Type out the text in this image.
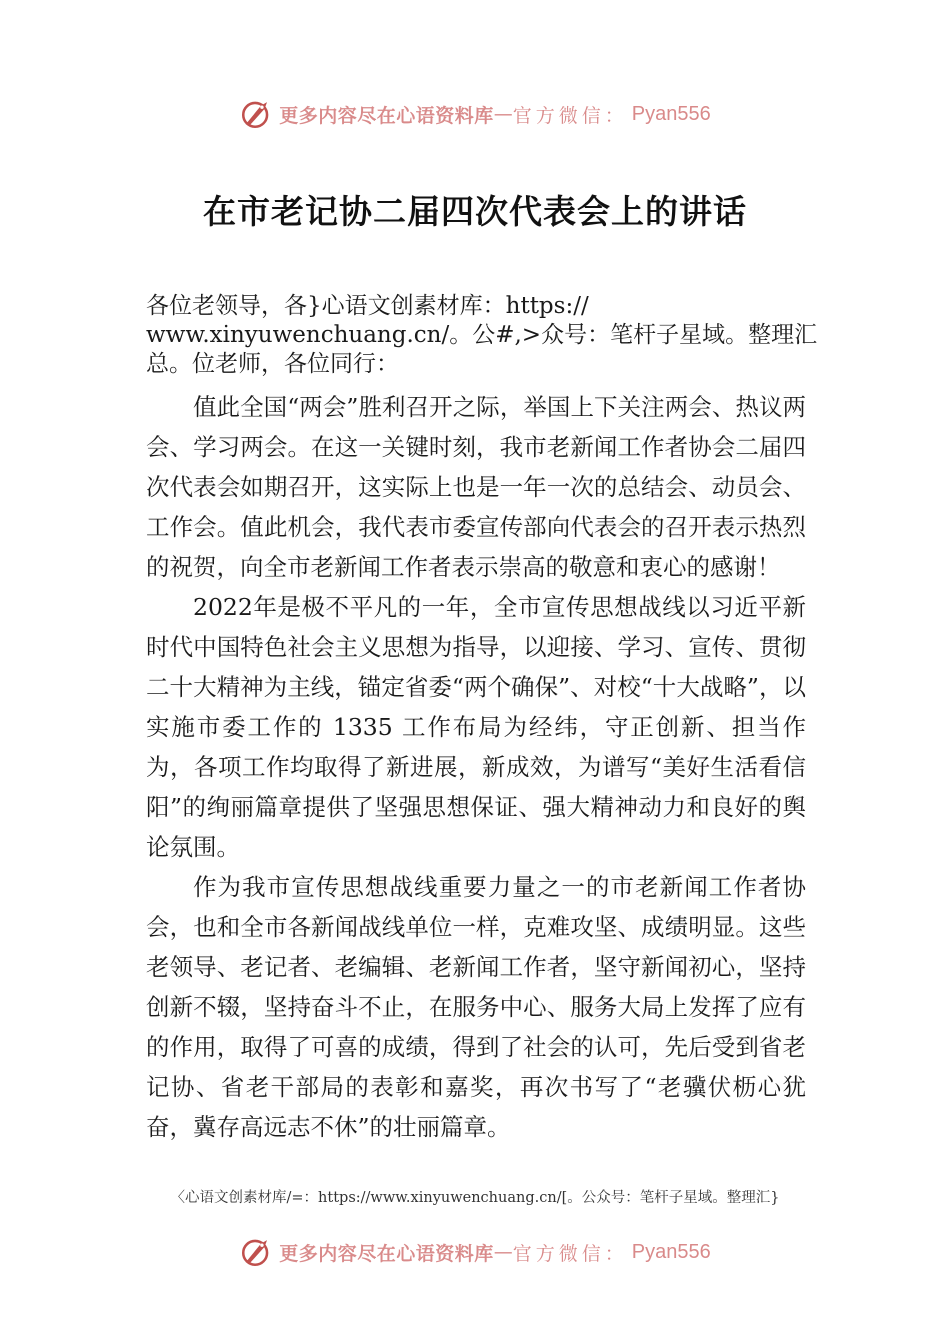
更多内容尽在心语资料库 — 官方微信： Pyan556
在市老记协二届四次代表会上的讲话
各位老领导，各}心语文创素材库：https:// www.xinyuwenchuang.cn/。公#,>众号：笔杆子星域。整理汇总。位老师，各位同行：

值此全国“两会”胜利召开之际，举国上下关注两会、热议两会、学习两会。在这一关键时刻，我市老新闻工作者协会二届四次代表会如期召开，这实际上也是一年一次的总结会、动员会、工作会。值此机会，我代表市委宣传部向代表会的召开表示热烈的祝贺，向全市老新闻工作者表示崇高的敬意和衷心的感谢！

2022年是极不平凡的一年，全市宣传思想战线以习近平新时代中国特色社会主义思想为指导，以迎接、学习、宣传、贯彻二十大精神为主线，锚定省委“两个确保”、对校“十大战略”，以实施市委工作的 1335 工作布局为经纬，守正创新、担当作为，各项工作均取得了新进展，新成效，为谱写“美好生活看信阳”的绚丽篇章提供了坚强思想保证、强大精神动力和良好的舆论氛围。

作为我市宣传思想战线重要力量之一的市老新闻工作者协会，也和全市各新闻战线单位一样，克难攻坚、成绩明显。这些老领导、老记者、老编辑、老新闻工作者，坚守新闻初心，坚持创新不辍，坚持奋斗不止，在服务中心、服务大局上发挥了应有的作用，取得了可喜的成绩，得到了社会的认可，先后受到省老记协、省老干部局的表彰和嘉奖，再次书写了“老骥伏枥心犹奋，冀存高远志不休”的壮丽篇章。

〈心语文创素材库/=：https://www.xinyuwenchuang.cn/[。公众号：笔杆子星域。整理汇}
更多内容尽在心语资料库 — 官方微信： Pyan556
